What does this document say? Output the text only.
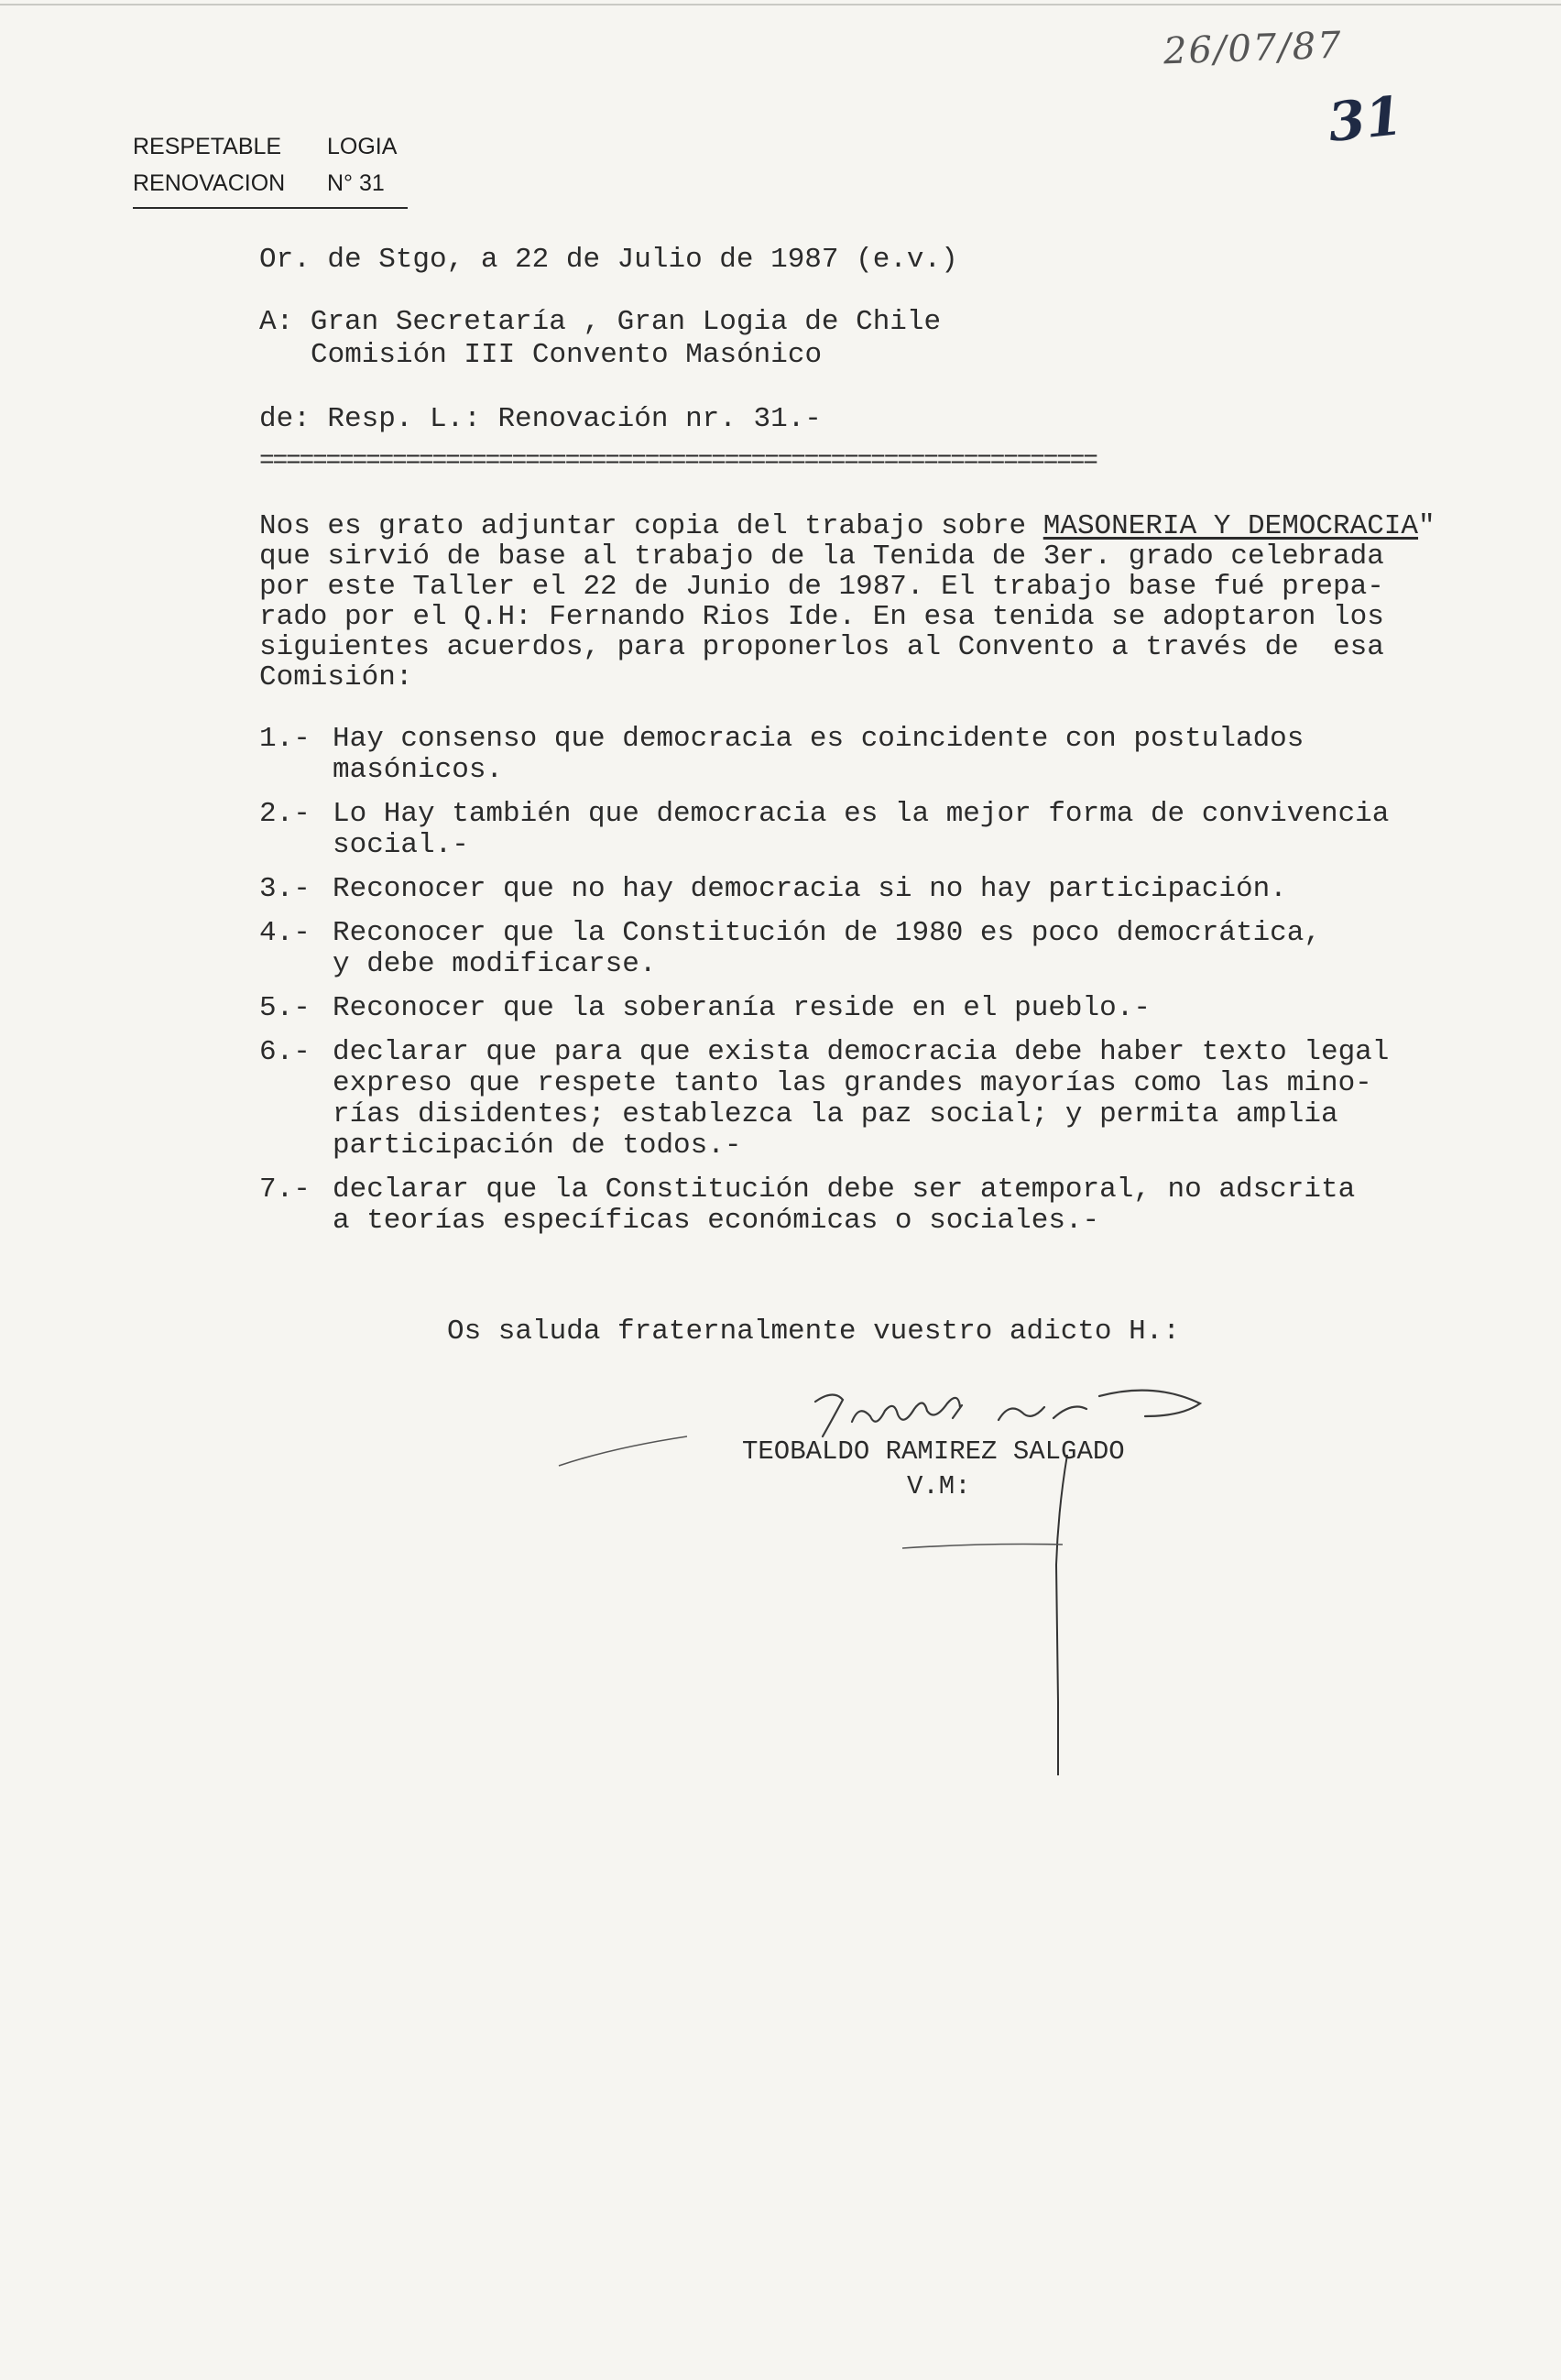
RESPETABLE	LOGIA
RENOVACION	N° 31
26/07/87
31
Or. de Stgo, a 22 de Julio de 1987 (e.v.)
A: Gran Secretaría , Gran Logia de Chile
Comisión III Convento Masónico
de: Resp. L.: Renovación nr. 31.-
===============================================================
Nos es grato adjuntar copia del trabajo sobre MASONERIA Y DEMOCRACIA"
que sirvió de base al trabajo de la Tenida de 3er. grado celebrada
por este Taller el 22 de Junio de 1987. El trabajo base fué prepa-
rado por el Q.H: Fernando Rios Ide. En esa tenida se adoptaron los
siguientes acuerdos, para proponerlos al Convento a través de  esa
Comisión:
1.- Hay consenso que democracia es coincidente con postulados
masónicos.
2.- Lo Hay también que democracia es la mejor forma de convivencia
social.-
3.- Reconocer que no hay democracia si no hay participación.
4.- Reconocer que la Constitución de 1980 es poco democrática,
y debe modificarse.
5.- Reconocer que la soberanía reside en el pueblo.-
6.- declarar que para que exista democracia debe haber texto legal
expreso que respete tanto las grandes mayorías como las mino-
rías disidentes; establezca la paz social; y permita amplia
participación de todos.-
7.- declarar que la Constitución debe ser atemporal, no adscrita
a teorías específicas económicas o sociales.-
Os saluda fraternalmente vuestro adicto H.:
TEOBALDO RAMIREZ SALGADO
V.M:
